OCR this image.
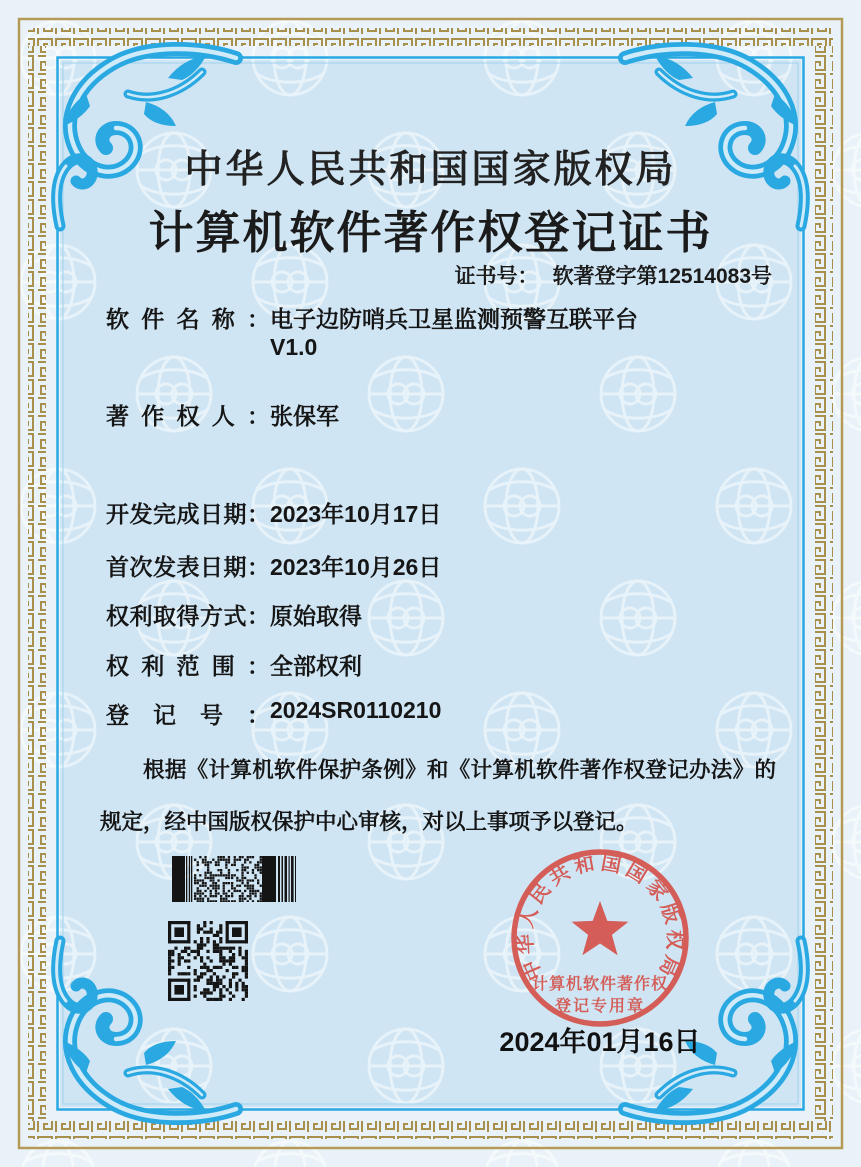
中华人民共和国国家版权局
计算机软件著作权登记证书
证书号： 软著登字第12514083号
软件名称：电子边防哨兵卫星监测预警互联平台
V1.0
著作权人：张保军
开发完成日期：2023年10月17日
首次发表日期：2023年10月26日
权利取得方式：原始取得
权利范围：全部权利
登记号：2024SR0110210
根据《计算机软件保护条例》和《计算机软件著作权登记办法》的规定，经中国版权保护中心审核，对以上事项予以登记。
中华人民共和国国家版权局
计算机软件著作权
登记专用章
2024年01月16日
